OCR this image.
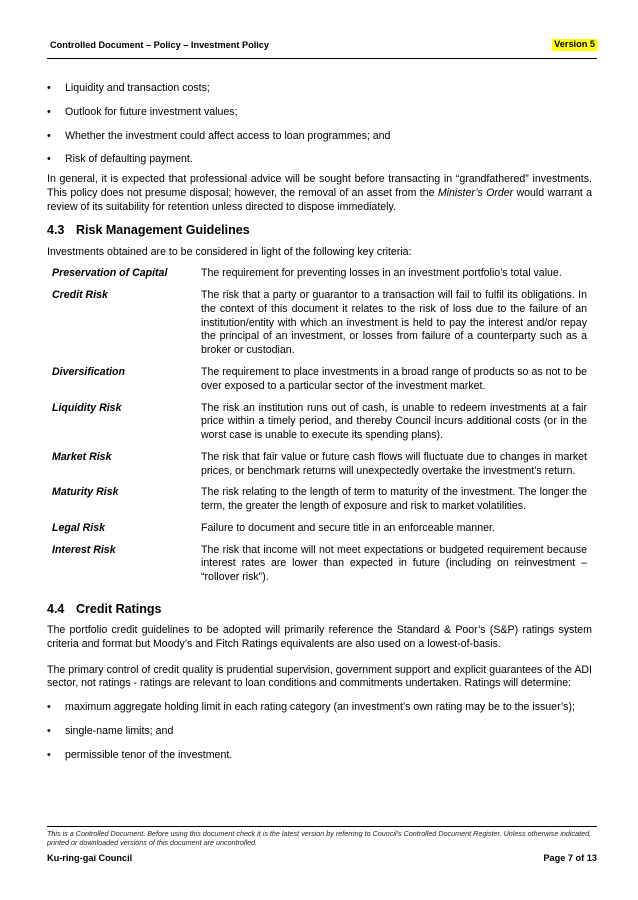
Controlled Document – Policy – Investment Policy	Version 5
• Liquidity and transaction costs;
• Outlook for future investment values;
• Whether the investment could affect access to loan programmes; and
• Risk of defaulting payment.

In general, it is expected that professional advice will be sought before transacting in “grandfathered” investments. This policy does not presume disposal; however, the removal of an asset from the Minister’s Order would warrant a review of its suitability for retention unless directed to dispose immediately.

4.3 Risk Management Guidelines

Investments obtained are to be considered in light of the following key criteria:

Preservation of Capital	The requirement for preventing losses in an investment portfolio’s total value.
Credit Risk	The risk that a party or guarantor to a transaction will fail to fulfil its obligations. In the context of this document it relates to the risk of loss due to the failure of an institution/entity with which an investment is held to pay the interest and/or repay the principal of an investment, or losses from failure of a counterparty such as a broker or custodian.
Diversification	The requirement to place investments in a broad range of products so as not to be over exposed to a particular sector of the investment market.
Liquidity Risk	The risk an institution runs out of cash, is unable to redeem investments at a fair price within a timely period, and thereby Council incurs additional costs (or in the worst case is unable to execute its spending plans).
Market Risk	The risk that fair value or future cash flows will fluctuate due to changes in market prices, or benchmark returns will unexpectedly overtake the investment’s return.
Maturity Risk	The risk relating to the length of term to maturity of the investment. The longer the term, the greater the length of exposure and risk to market volatilities.
Legal Risk	Failure to document and secure title in an enforceable manner.
Interest Risk	The risk that income will not meet expectations or budgeted requirement because interest rates are lower than expected in future (including on reinvestment – “rollover risk”).
4.4 Credit Ratings

The portfolio credit guidelines to be adopted will primarily reference the Standard & Poor’s (S&P) ratings system criteria and format but Moody’s and Fitch Ratings equivalents are also used on a lowest-of-basis.

The primary control of credit quality is prudential supervision, government support and explicit guarantees of the ADI sector, not ratings - ratings are relevant to loan conditions and commitments undertaken. Ratings will determine:

• maximum aggregate holding limit in each rating category (an investment’s own rating may be to the issuer’s);
• single-name limits; and
• permissible tenor of the investment.
This is a Controlled Document. Before using this document check it is the latest version by referring to Council’s Controlled Document Register. Unless otherwise indicated, printed or downloaded versions of this document are uncontrolled.
Ku-ring-gai Council	Page 7 of 13
